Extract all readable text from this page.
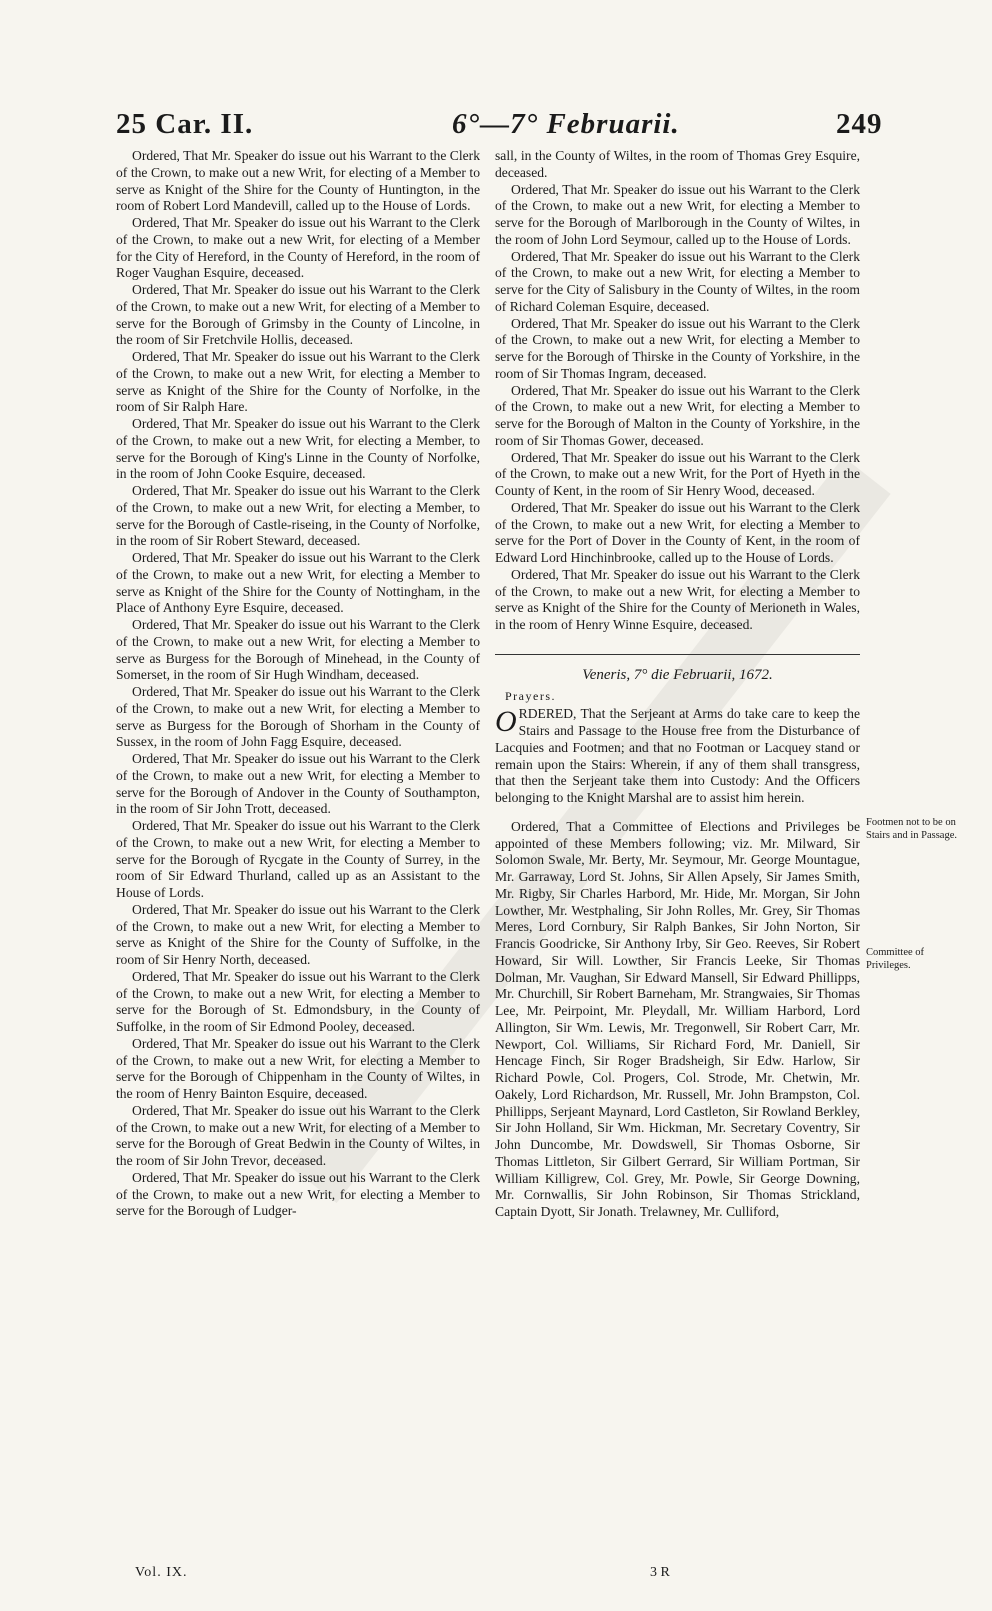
25 Car. II.	6°—7° Februarii.	249

Ordered, That Mr. Speaker do issue out his Warrant to the Clerk of the Crown, to make out a new Writ, for electing of a Member to serve as Knight of the Shire for the County of Huntington, in the room of Robert Lord Mandevill, called up to the House of Lords.

Ordered, That Mr. Speaker do issue out his Warrant to the Clerk of the Crown, to make out a new Writ, for electing of a Member for the City of Hereford, in the County of Hereford, in the room of Roger Vaughan Esquire, deceased.

Ordered, That Mr. Speaker do issue out his Warrant to the Clerk of the Crown, to make out a new Writ, for electing of a Member to serve for the Borough of Grimsby in the County of Lincolne, in the room of Sir Fretchvile Hollis, deceased.

Ordered, That Mr. Speaker do issue out his Warrant to the Clerk of the Crown, to make out a new Writ, for electing a Member to serve as Knight of the Shire for the County of Norfolke, in the room of Sir Ralph Hare.

Ordered, That Mr. Speaker do issue out his Warrant to the Clerk of the Crown, to make out a new Writ, for electing a Member, to serve for the Borough of King's Linne in the County of Norfolke, in the room of John Cooke Esquire, deceased.

Ordered, That Mr. Speaker do issue out his Warrant to the Clerk of the Crown, to make out a new Writ, for electing a Member, to serve for the Borough of Castle-riseing, in the County of Norfolke, in the room of Sir Robert Steward, deceased.

Ordered, That Mr. Speaker do issue out his Warrant to the Clerk of the Crown, to make out a new Writ, for electing a Member to serve as Knight of the Shire for the County of Nottingham, in the Place of Anthony Eyre Esquire, deceased.

Ordered, That Mr. Speaker do issue out his Warrant to the Clerk of the Crown, to make out a new Writ, for electing a Member to serve as Burgess for the Borough of Minehead, in the County of Somerset, in the room of Sir Hugh Windham, deceased.

Ordered, That Mr. Speaker do issue out his Warrant to the Clerk of the Crown, to make out a new Writ, for electing a Member to serve as Burgess for the Borough of Shorham in the County of Sussex, in the room of John Fagg Esquire, deceased.

Ordered, That Mr. Speaker do issue out his Warrant to the Clerk of the Crown, to make out a new Writ, for electing a Member to serve for the Borough of Andover in the County of Southampton, in the room of Sir John Trott, deceased.

Ordered, That Mr. Speaker do issue out his Warrant to the Clerk of the Crown, to make out a new Writ, for electing a Member to serve for the Borough of Rycgate in the County of Surrey, in the room of Sir Edward Thurland, called up as an Assistant to the House of Lords.

Ordered, That Mr. Speaker do issue out his Warrant to the Clerk of the Crown, to make out a new Writ, for electing a Member to serve as Knight of the Shire for the County of Suffolke, in the room of Sir Henry North, deceased.

Ordered, That Mr. Speaker do issue out his Warrant to the Clerk of the Crown, to make out a new Writ, for electing a Member to serve for the Borough of St. Edmondsbury, in the County of Suffolke, in the room of Sir Edmond Pooley, deceased.

Ordered, That Mr. Speaker do issue out his Warrant to the Clerk of the Crown, to make out a new Writ, for electing a Member to serve for the Borough of Chippenham in the County of Wiltes, in the room of Henry Bainton Esquire, deceased.

Ordered, That Mr. Speaker do issue out his Warrant to the Clerk of the Crown, to make out a new Writ, for electing of a Member to serve for the Borough of Great Bedwin in the County of Wiltes, in the room of Sir John Trevor, deceased.

Ordered, That Mr. Speaker do issue out his Warrant to the Clerk of the Crown, to make out a new Writ, for electing a Member to serve for the Borough of Ludger-

sall, in the County of Wiltes, in the room of Thomas Grey Esquire, deceased.

Ordered, That Mr. Speaker do issue out his Warrant to the Clerk of the Crown, to make out a new Writ, for electing a Member to serve for the Borough of Marlborough in the County of Wiltes, in the room of John Lord Seymour, called up to the House of Lords.

Ordered, That Mr. Speaker do issue out his Warrant to the Clerk of the Crown, to make out a new Writ, for electing a Member to serve for the City of Salisbury in the County of Wiltes, in the room of Richard Coleman Esquire, deceased.

Ordered, That Mr. Speaker do issue out his Warrant to the Clerk of the Crown, to make out a new Writ, for electing a Member to serve for the Borough of Thirske in the County of Yorkshire, in the room of Sir Thomas Ingram, deceased.

Ordered, That Mr. Speaker do issue out his Warrant to the Clerk of the Crown, to make out a new Writ, for electing a Member to serve for the Borough of Malton in the County of Yorkshire, in the room of Sir Thomas Gower, deceased.

Ordered, That Mr. Speaker do issue out his Warrant to the Clerk of the Crown, to make out a new Writ, for the Port of Hyeth in the County of Kent, in the room of Sir Henry Wood, deceased.

Ordered, That Mr. Speaker do issue out his Warrant to the Clerk of the Crown, to make out a new Writ, for electing a Member to serve for the Port of Dover in the County of Kent, in the room of Edward Lord Hinchinbrooke, called up to the House of Lords.

Ordered, That Mr. Speaker do issue out his Warrant to the Clerk of the Crown, to make out a new Writ, for electing a Member to serve as Knight of the Shire for the County of Merioneth in Wales, in the room of Henry Winne Esquire, deceased.

Veneris, 7° die Februarii, 1672.
Prayers.

ORDERED, That the Serjeant at Arms do take care to keep the Stairs and Passage to the House free from the Disturbance of Lacquies and Footmen; and that no Footman or Lacquey stand or remain upon the Stairs: Wherein, if any of them shall transgress, that then the Serjeant take them into Custody: And the Officers belonging to the Knight Marshal are to assist him herein.

Ordered, That a Committee of Elections and Privileges be appointed of these Members following; viz. Mr. Milward, Sir Solomon Swale, Mr. Berty, Mr. Seymour, Mr. George Mountague, Mr. Garraway, Lord St. Johns, Sir Allen Apsely, Sir James Smith, Mr. Rigby, Sir Charles Harbord, Mr. Hide, Mr. Morgan, Sir John Lowther, Mr. Westphaling, Sir John Rolles, Mr. Grey, Sir Thomas Meres, Lord Cornbury, Sir Ralph Bankes, Sir John Norton, Sir Francis Goodricke, Sir Anthony Irby, Sir Geo. Reeves, Sir Robert Howard, Sir Will. Lowther, Sir Francis Leeke, Sir Thomas Dolman, Mr. Vaughan, Sir Edward Mansell, Sir Edward Phillipps, Mr. Churchill, Sir Robert Barneham, Mr. Strangwaies, Sir Thomas Lee, Mr. Peirpoint, Mr. Pleydall, Mr. William Harbord, Lord Allington, Sir Wm. Lewis, Mr. Tregonwell, Sir Robert Carr, Mr. Newport, Col. Williams, Sir Richard Ford, Mr. Daniell, Sir Hencage Finch, Sir Roger Bradsheigh, Sir Edw. Harlow, Sir Richard Powle, Col. Progers, Col. Strode, Mr. Chetwin, Mr. Oakely, Lord Richardson, Mr. Russell, Mr. John Brampston, Col. Phillipps, Serjeant Maynard, Lord Castleton, Sir Rowland Berkley, Sir John Holland, Sir Wm. Hickman, Mr. Secretary Coventry, Sir John Duncombe, Mr. Dowdswell, Sir Thomas Osborne, Sir Thomas Littleton, Sir Gilbert Gerrard, Sir William Portman, Sir William Killigrew, Col. Grey, Mr. Powle, Sir George Downing, Mr. Cornwallis, Sir John Robinson, Sir Thomas Strickland, Captain Dyott, Sir Jonath. Trelawney, Mr. Culliford,

Footmen not to be on Stairs and in Passage.
Committee of Privileges.
Vol. IX.	3 R
